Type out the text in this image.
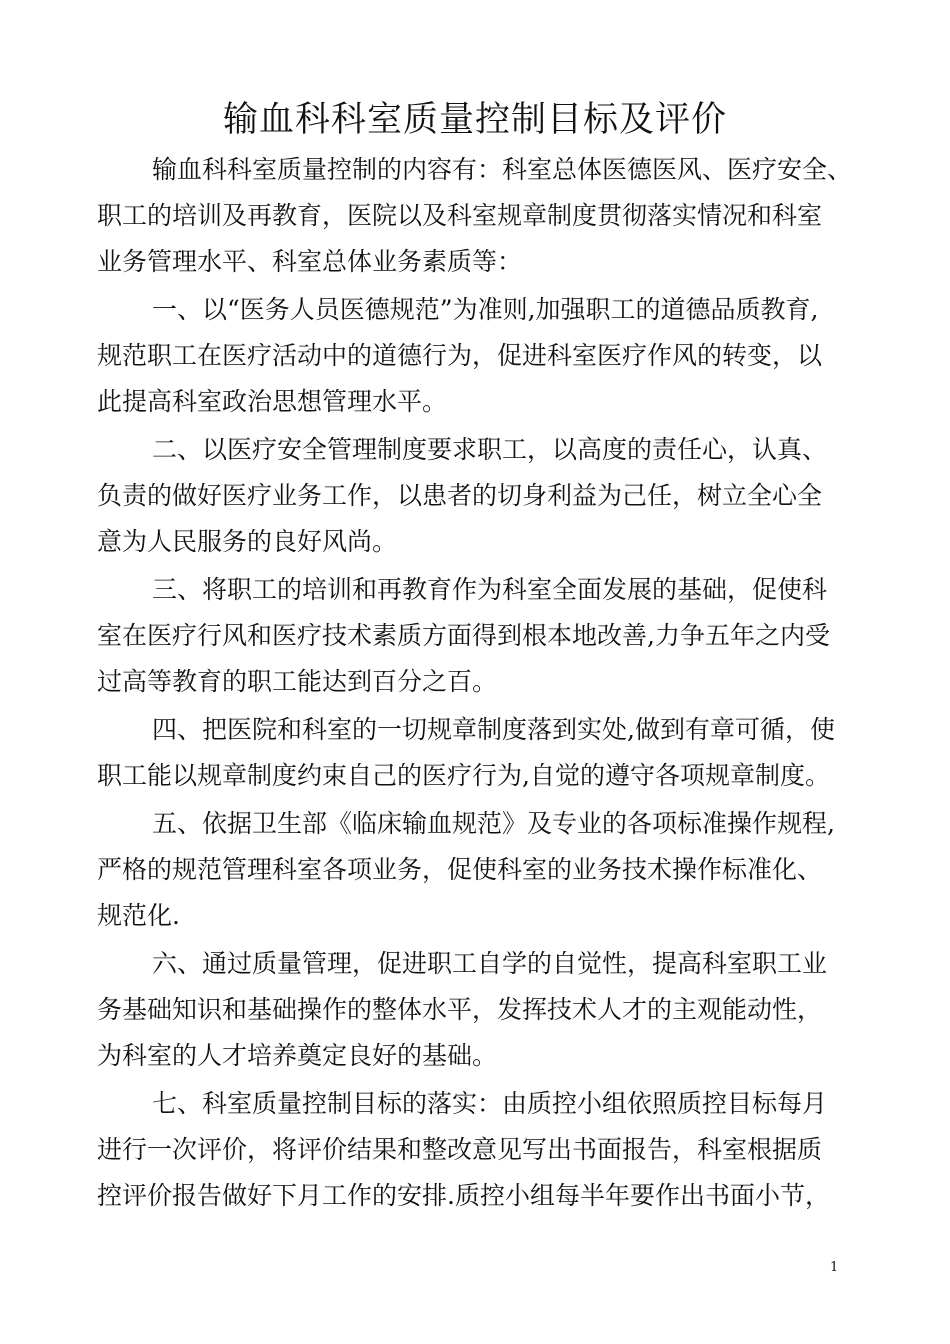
输血科科室质量控制目标及评价
输血科科室质量控制的内容有：科室总体医德医风、医疗安全、
职工的培训及再教育，医院以及科室规章制度贯彻落实情况和科室
业务管理水平、科室总体业务素质等：
一、以“医务人员医德规范”为准则,加强职工的道德品质教育,
规范职工在医疗活动中的道德行为，促进科室医疗作风的转变，以
此提高科室政治思想管理水平。
二、以医疗安全管理制度要求职工，以高度的责任心，认真、
负责的做好医疗业务工作，以患者的切身利益为己任，树立全心全
意为人民服务的良好风尚。
三、将职工的培训和再教育作为科室全面发展的基础，促使科
室在医疗行风和医疗技术素质方面得到根本地改善,力争五年之内受
过高等教育的职工能达到百分之百。
四、把医院和科室的一切规章制度落到实处,做到有章可循，使
职工能以规章制度约束自己的医疗行为,自觉的遵守各项规章制度。
五、依据卫生部《临床输血规范》及专业的各项标准操作规程,
严格的规范管理科室各项业务，促使科室的业务技术操作标准化、
规范化.
六、通过质量管理，促进职工自学的自觉性，提高科室职工业
务基础知识和基础操作的整体水平，发挥技术人才的主观能动性，
为科室的人才培养奠定良好的基础。
七、科室质量控制目标的落实：由质控小组依照质控目标每月
进行一次评价，将评价结果和整改意见写出书面报告，科室根据质
控评价报告做好下月工作的安排.质控小组每半年要作出书面小节，
1
